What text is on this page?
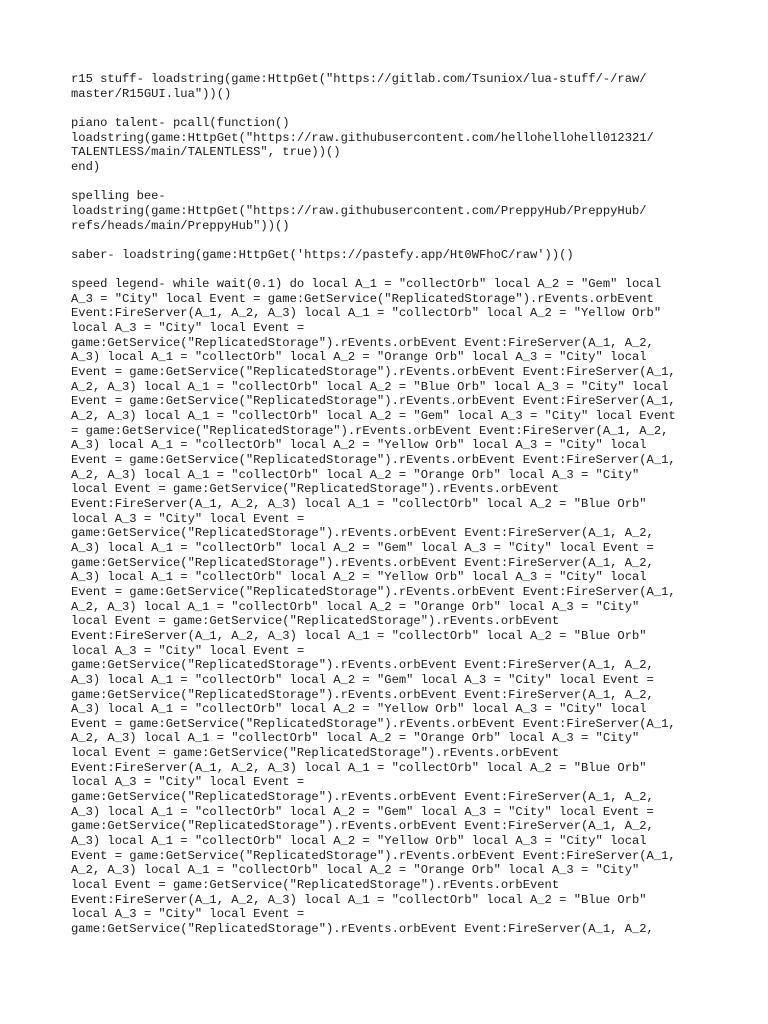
r15 stuff- loadstring(game:HttpGet("https://gitlab.com/Tsuniox/lua-stuff/-/raw/
master/R15GUI.lua"))()
piano talent- pcall(function()
loadstring(game:HttpGet("https://raw.githubusercontent.com/hellohellohell012321/
TALENTLESS/main/TALENTLESS", true))()
end)
spelling bee-
loadstring(game:HttpGet("https://raw.githubusercontent.com/PreppyHub/PreppyHub/
refs/heads/main/PreppyHub"))()
saber- loadstring(game:HttpGet('https://pastefy.app/Ht0WFhoC/raw'))()
speed legend- while wait(0.1) do local A_1 = "collectOrb" local A_2 = "Gem" local
A_3 = "City" local Event = game:GetService("ReplicatedStorage").rEvents.orbEvent
Event:FireServer(A_1, A_2, A_3) local A_1 = "collectOrb" local A_2 = "Yellow Orb"
local A_3 = "City" local Event =
game:GetService("ReplicatedStorage").rEvents.orbEvent Event:FireServer(A_1, A_2,
A_3) local A_1 = "collectOrb" local A_2 = "Orange Orb" local A_3 = "City" local
Event = game:GetService("ReplicatedStorage").rEvents.orbEvent Event:FireServer(A_1,
A_2, A_3) local A_1 = "collectOrb" local A_2 = "Blue Orb" local A_3 = "City" local
Event = game:GetService("ReplicatedStorage").rEvents.orbEvent Event:FireServer(A_1,
A_2, A_3) local A_1 = "collectOrb" local A_2 = "Gem" local A_3 = "City" local Event
= game:GetService("ReplicatedStorage").rEvents.orbEvent Event:FireServer(A_1, A_2,
A_3) local A_1 = "collectOrb" local A_2 = "Yellow Orb" local A_3 = "City" local
Event = game:GetService("ReplicatedStorage").rEvents.orbEvent Event:FireServer(A_1,
A_2, A_3) local A_1 = "collectOrb" local A_2 = "Orange Orb" local A_3 = "City"
local Event = game:GetService("ReplicatedStorage").rEvents.orbEvent
Event:FireServer(A_1, A_2, A_3) local A_1 = "collectOrb" local A_2 = "Blue Orb"
local A_3 = "City" local Event =
game:GetService("ReplicatedStorage").rEvents.orbEvent Event:FireServer(A_1, A_2,
A_3) local A_1 = "collectOrb" local A_2 = "Gem" local A_3 = "City" local Event =
game:GetService("ReplicatedStorage").rEvents.orbEvent Event:FireServer(A_1, A_2,
A_3) local A_1 = "collectOrb" local A_2 = "Yellow Orb" local A_3 = "City" local
Event = game:GetService("ReplicatedStorage").rEvents.orbEvent Event:FireServer(A_1,
A_2, A_3) local A_1 = "collectOrb" local A_2 = "Orange Orb" local A_3 = "City"
local Event = game:GetService("ReplicatedStorage").rEvents.orbEvent
Event:FireServer(A_1, A_2, A_3) local A_1 = "collectOrb" local A_2 = "Blue Orb"
local A_3 = "City" local Event =
game:GetService("ReplicatedStorage").rEvents.orbEvent Event:FireServer(A_1, A_2,
A_3) local A_1 = "collectOrb" local A_2 = "Gem" local A_3 = "City" local Event =
game:GetService("ReplicatedStorage").rEvents.orbEvent Event:FireServer(A_1, A_2,
A_3) local A_1 = "collectOrb" local A_2 = "Yellow Orb" local A_3 = "City" local
Event = game:GetService("ReplicatedStorage").rEvents.orbEvent Event:FireServer(A_1,
A_2, A_3) local A_1 = "collectOrb" local A_2 = "Orange Orb" local A_3 = "City"
local Event = game:GetService("ReplicatedStorage").rEvents.orbEvent
Event:FireServer(A_1, A_2, A_3) local A_1 = "collectOrb" local A_2 = "Blue Orb"
local A_3 = "City" local Event =
game:GetService("ReplicatedStorage").rEvents.orbEvent Event:FireServer(A_1, A_2,
A_3) local A_1 = "collectOrb" local A_2 = "Gem" local A_3 = "City" local Event =
game:GetService("ReplicatedStorage").rEvents.orbEvent Event:FireServer(A_1, A_2,
A_3) local A_1 = "collectOrb" local A_2 = "Yellow Orb" local A_3 = "City" local
Event = game:GetService("ReplicatedStorage").rEvents.orbEvent Event:FireServer(A_1,
A_2, A_3) local A_1 = "collectOrb" local A_2 = "Orange Orb" local A_3 = "City"
local Event = game:GetService("ReplicatedStorage").rEvents.orbEvent
Event:FireServer(A_1, A_2, A_3) local A_1 = "collectOrb" local A_2 = "Blue Orb"
local A_3 = "City" local Event =
game:GetService("ReplicatedStorage").rEvents.orbEvent Event:FireServer(A_1, A_2,
